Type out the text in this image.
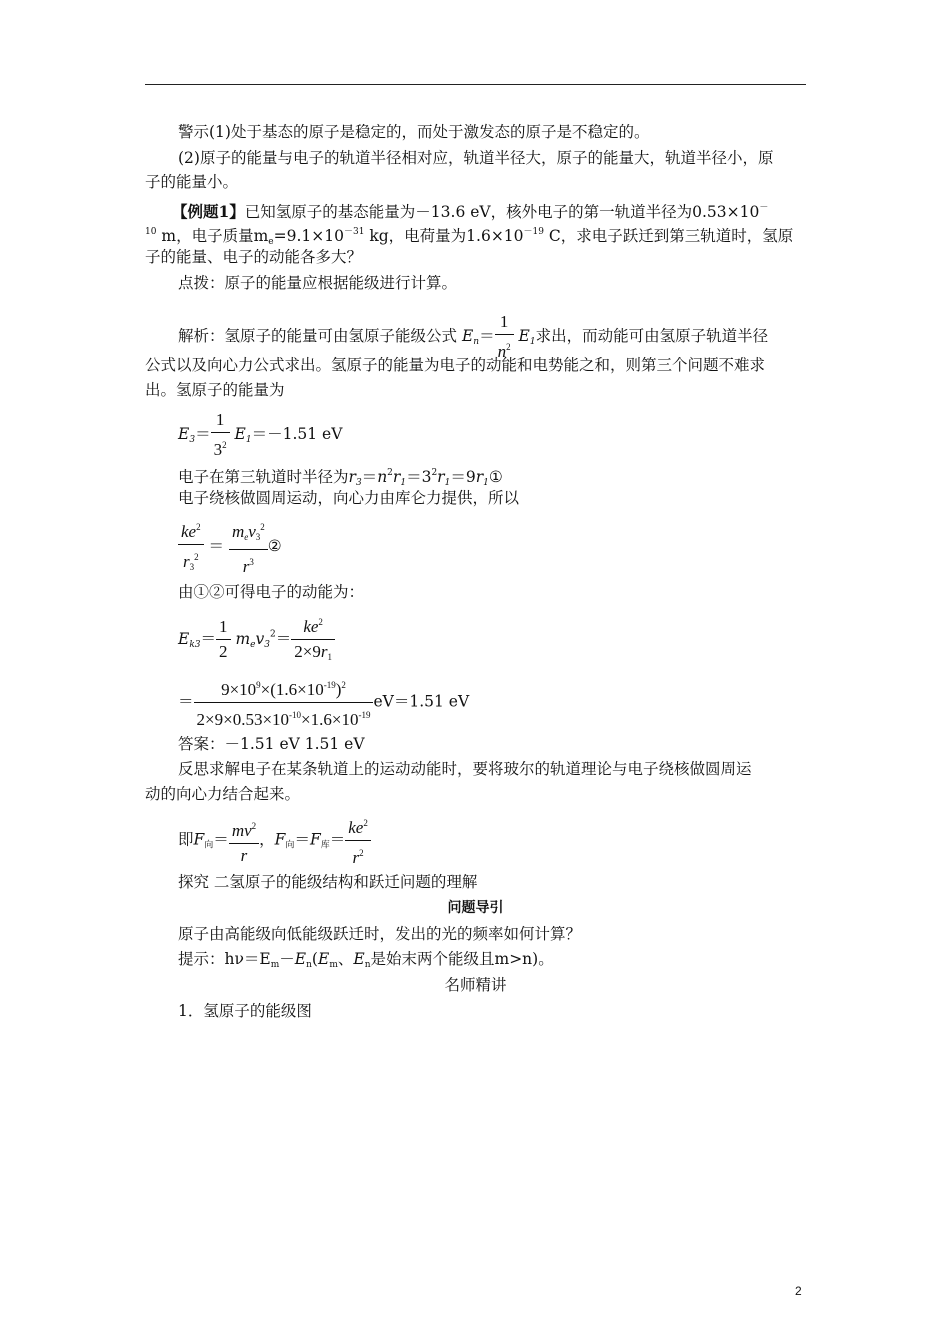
警示(1)处于基态的原子是稳定的，而处于激发态的原子是不稳定的。
(2)原子的能量与电子的轨道半径相对应，轨道半径大，原子的能量大，轨道半径小，原
子的能量小。
【例题1】已知氢原子的基态能量为－13.6 eV，核外电子的第一轨道半径为0.53×10－
$^{10}$ m，电子质量$m_e=9.1\times 10^{-31}$ kg，电荷量为$1.6\times 10^{-19}$ C，求电子跃迁到第三轨道时，氢原
子的能量、电子的动能各多大？
点拨：原子的能量应根据能级进行计算。
解析：氢原子的能量可由氢原子能级公式 $E_n= \frac{1}{n^2} E_1$求出，而动能可由氢原子轨道半径
公式以及向心力公式求出。氢原子的能量为电子的动能和电势能之和，则第三个问题不难求
出。氢原子的能量为
$E_3= \frac{1}{3^2} E_1=-1.51$ eV
电子在第三轨道时半径为$r_3=n^2r_1=3^2r_1=9r_1①$
电子绕核做圆周运动，向心力由库仑力提供，所以
$\frac{ke^2}{r_3^2} = \frac{m_ev_3^2}{r^3}$ ②
由①②可得电子的动能为：
$E_{k3}= \frac{1}{2} m_ev_3^2= \frac{ke^2}{2\times 9r_1}$
＝ $\frac{9\times 10^9\times(1.6\times 10^{-19})^2}{2\times 9\times 0.53\times 10^{-10}\times 1.6\times 10^{-19}} eV=1.51$ eV
答案：－1.51 eV 1.51 eV
反思求解电子在某条轨道上的运动动能时，要将玻尔的轨道理论与电子绕核做圆周运
动的向心力结合起来。
即$F_向= \frac{mv^2}{r}$ ，$F_向=F_库= \frac{ke^2}{r^2}$
探究 二氢原子的能级结构和跃迁问题的理解
问题导引
原子由高能级向低能级跃迁时，发出的光的频率如何计算？
提示：$h\nu=E_m-E_n(E_m$、$E_n$是始末两个能级且m>n)。
名师精讲
1．氢原子的能级图
2
